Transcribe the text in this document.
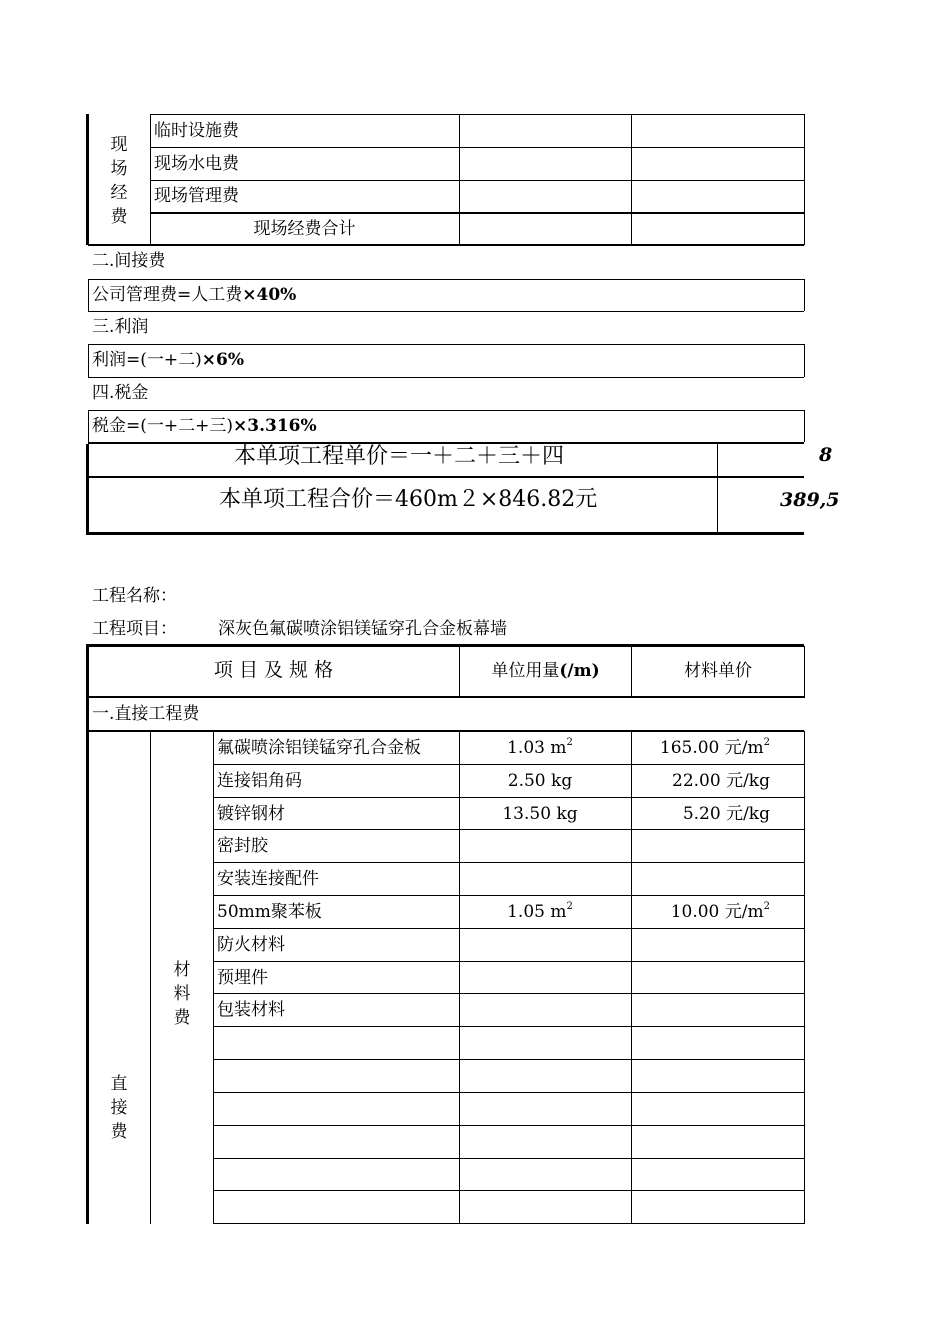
现场经费
临时设施费
现场水电费
现场管理费
现场经费合计
二.间接费
公司管理费=人工费×40%
三.利润
利润=(一+二)×6%
四.税金
税金=(一+二+三)×3.316%
本单项工程单价＝一＋二＋三＋四	8
本单项工程合价＝460m２×846.82元	389,5
工程名称：
工程项目： 深灰色氟碳喷涂铝镁锰穿孔合金板幕墙
项 目 及 规 格	单位用量(/m)	材料单价
一.直接工程费
直接费
材料费
氟碳喷涂铝镁锰穿孔合金板	1.03 $m^2$	165.00 元$/m^2$
连接铝角码	2.50 kg	22.00 元/kg
镀锌钢材	13.50 kg	5.20 元/kg
密封胶
安装连接配件
50mm聚苯板	1.05 $m^2$	10.00 元$/m^2$
防火材料
预埋件
包装材料
